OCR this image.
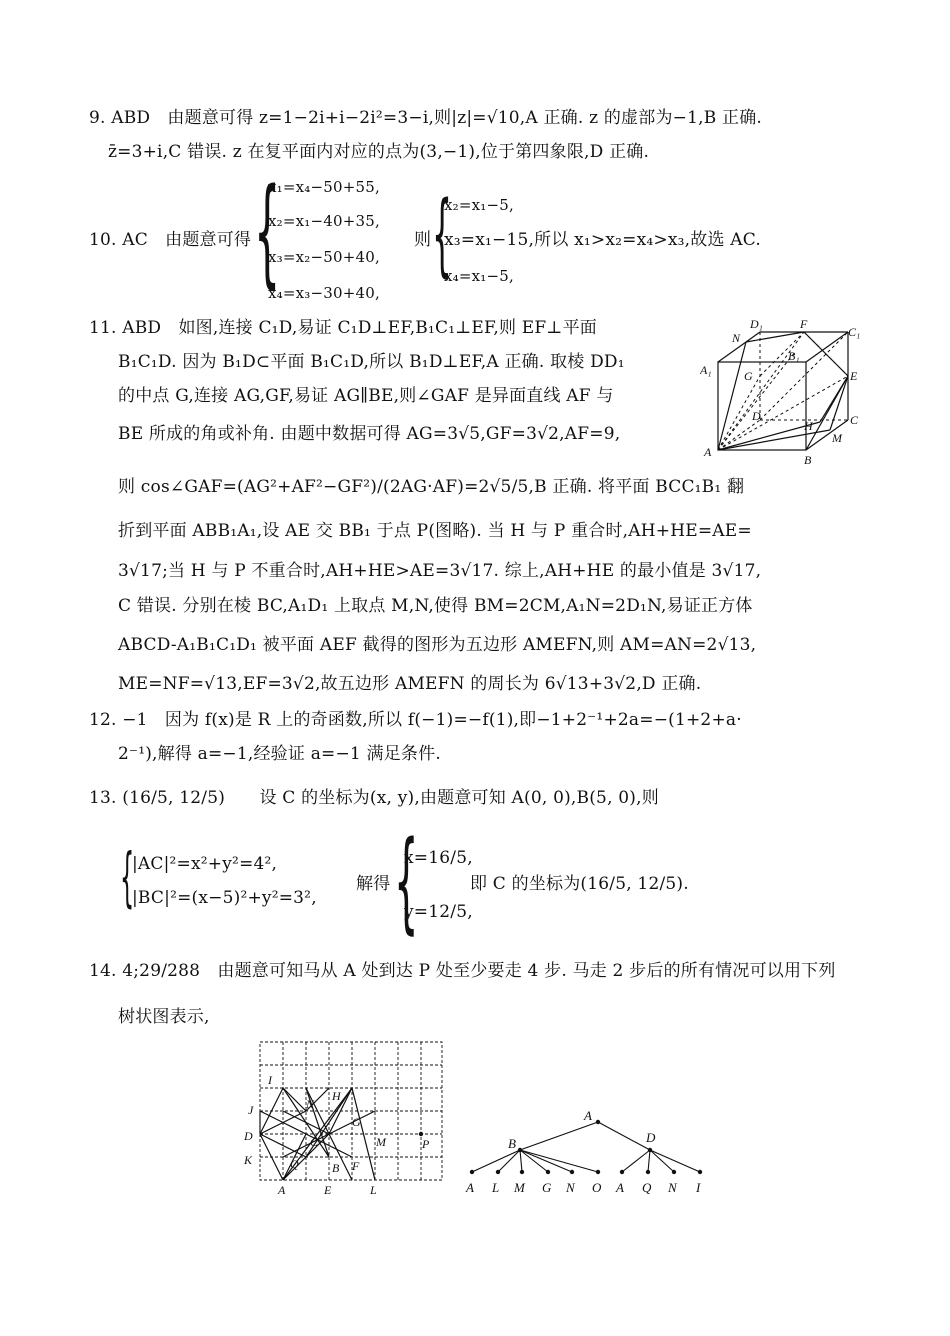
9. ABD　由题意可得 z=1−2i+i−2i²=3−i,则|z|=√10,A 正确. z 的虚部为−1,B 正确.
z̄=3+i,C 错误. z 在复平面内对应的点为(3,−1),位于第四象限,D 正确.
10. AC　由题意可得 {
x₁=x₄−50+55,
x₂=x₁−40+35,
x₃=x₂−50+40,
x₄=x₃−30+40,
则 {
x₂=x₁−5,
x₃=x₁−15,所以 x₁>x₂=x₄>x₃,故选 AC.
x₄=x₁−5,
11. ABD　如图,连接 C₁D,易证 C₁D⊥EF,B₁C₁⊥EF,则 EF⊥平面
B₁C₁D. 因为 B₁D⊂平面 B₁C₁D,所以 B₁D⊥EF,A 正确. 取棱 DD₁
的中点 G,连接 AG,GF,易证 AG∥BE,则∠GAF 是异面直线 AF 与
BE 所成的角或补角. 由题中数据可得 AG=3√5,GF=3√2,AF=9,
则 cos∠GAF=(AG²+AF²−GF²)/(2AG·AF)=2√5/5,B 正确. 将平面 BCC₁B₁ 翻
折到平面 ABB₁A₁,设 AE 交 BB₁ 于点 P(图略). 当 H 与 P 重合时,AH+HE=AE=
3√17;当 H 与 P 不重合时,AH+HE>AE=3√17. 综上,AH+HE 的最小值是 3√17,
C 错误. 分别在棱 BC,A₁D₁ 上取点 M,N,使得 BM=2CM,A₁N=2D₁N,易证正方体
ABCD-A₁B₁C₁D₁ 被平面 AEF 截得的图形为五边形 AMEFN,则 AM=AN=2√13,
ME=NF=√13,EF=3√2,故五边形 AMEFN 的周长为 6√13+3√2,D 正确.
D₁	F
C₁
N
B₁
A₁	G	E
D	C
H
M
A
B
12. −1　因为 f(x)是 R 上的奇函数,所以 f(−1)=−f(1),即−1+2⁻¹+2a=−(1+2+a·
2⁻¹),解得 a=−1,经验证 a=−1 满足条件.
13. (16/5, 12/5)　　设 C 的坐标为(x, y),由题意可知 A(0, 0),B(5, 0),则
{
|AC|²=x²+y²=4²,
|BC|²=(x−5)²+y²=3²,
解得 {
x=16/5,
y=12/5,
即 C 的坐标为(16/5, 12/5).
14. 4;29/288　由题意可知马从 A 处到达 P 处至少要走 4 步. 马走 2 步后的所有情况可以用下列
树状图表示,
I
N
H
J
G
D	C	M	P
K	Q	B F
A	E	L
A
B	D
A L M G N O A Q N I
